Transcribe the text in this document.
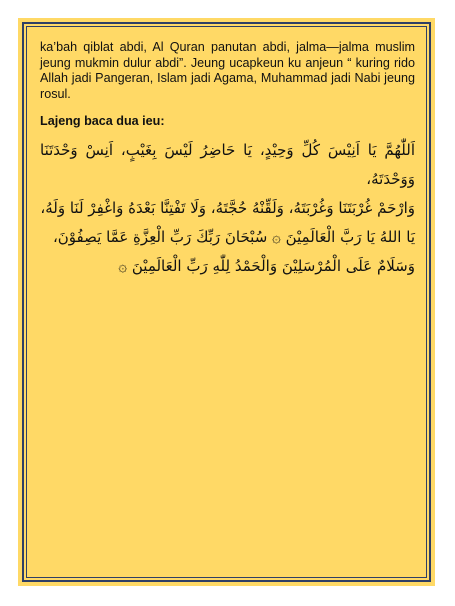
ka’bah qiblat abdi, Al Quran panutan abdi, jalma—jalma muslim jeung mukmin dulur abdi”. Jeung ucapkeun ku anjeun “ kuring rido Allah jadi Pangeran, Islam jadi Agama, Muhammad jadi Nabi jeung rosul.

Lajeng baca dua ieu:

اَللّٰهُمَّ يَا اَنِيْسَ كُلِّ وَحِيْدٍ، يَا حَاضِرُ لَيْسَ بِغَيْبٍ، اَنِسْ وَحْدَتَنَا وَوَحْدَتَهُ،

وَارْحَمْ غُرْبَتَنَا وَغُرْبَتَهُ، وَلَقِّنْهُ حُجَّتَهُ، وَلَا تَفْتِنَّا بَعْدَهُ وَاغْفِرْ لَنَا وَلَهُ،

يَا اللهُ يَا رَبَّ الْعَالَمِيْنَ ۞ سُبْحَانَ رَبِّكَ رَبِّ الْعِزَّةِ عَمَّا يَصِفُوْنَ،

وَسَلَامٌ عَلَى الْمُرْسَلِيْنَ وَالْحَمْدُ لِلّٰهِ رَبِّ الْعَالَمِيْنَ ۞
